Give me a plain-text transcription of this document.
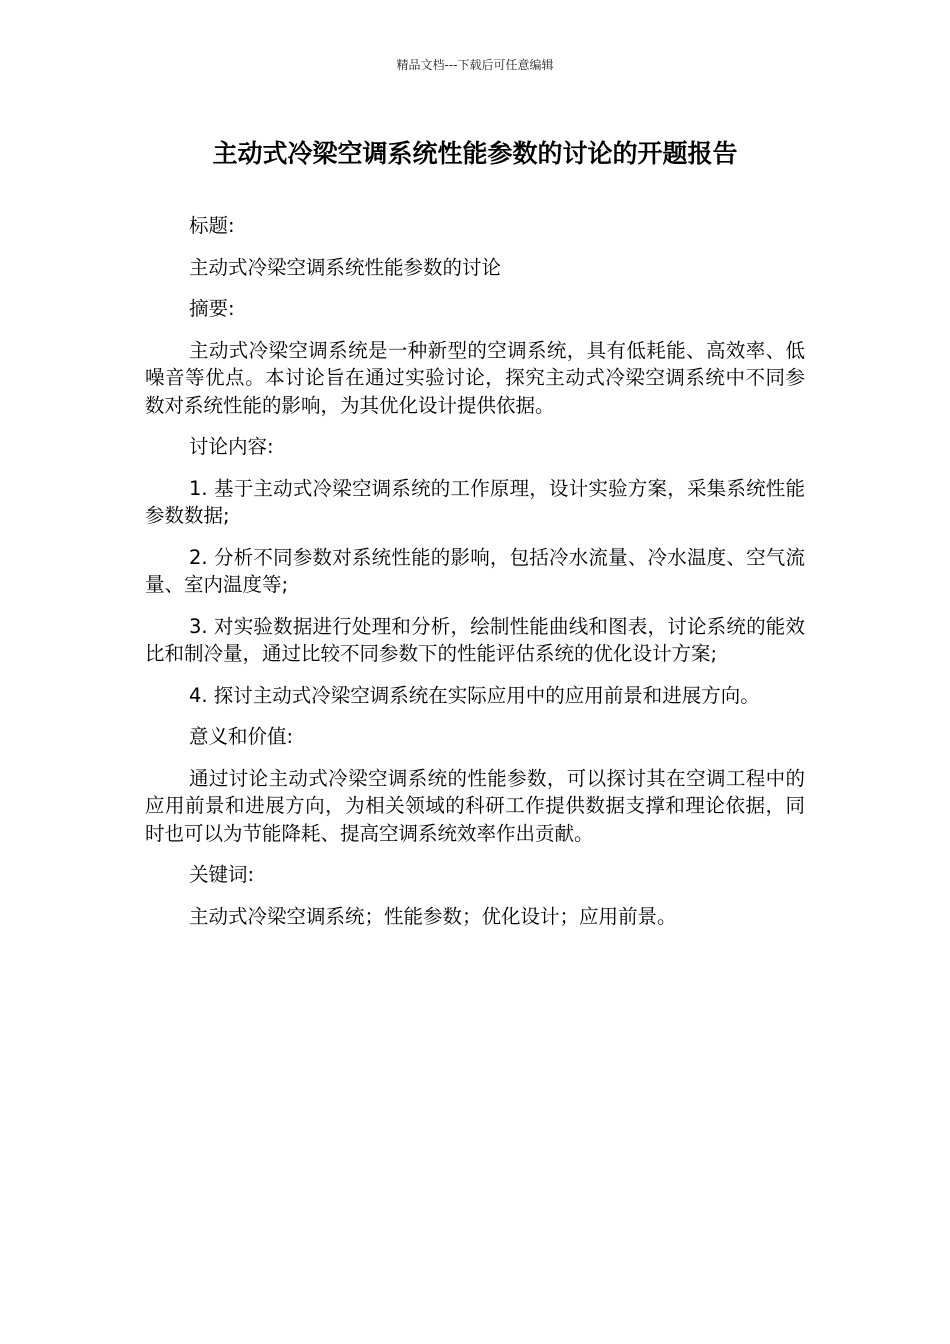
精品文档---下载后可任意编辑
主动式冷梁空调系统性能参数的讨论的开题报告

标题:

主动式冷梁空调系统性能参数的讨论

摘要:

主动式冷梁空调系统是一种新型的空调系统，具有低耗能、高效率、低噪音等优点。本讨论旨在通过实验讨论，探究主动式冷梁空调系统中不同参数对系统性能的影响，为其优化设计提供依据。

讨论内容:

1. 基于主动式冷梁空调系统的工作原理，设计实验方案，采集系统性能参数数据;

2. 分析不同参数对系统性能的影响，包括冷水流量、冷水温度、空气流量、室内温度等;

3. 对实验数据进行处理和分析，绘制性能曲线和图表，讨论系统的能效比和制冷量，通过比较不同参数下的性能评估系统的优化设计方案;

4. 探讨主动式冷梁空调系统在实际应用中的应用前景和进展方向。

意义和价值:

通过讨论主动式冷梁空调系统的性能参数，可以探讨其在空调工程中的应用前景和进展方向，为相关领域的科研工作提供数据支撑和理论依据，同时也可以为节能降耗、提高空调系统效率作出贡献。

关键词:

主动式冷梁空调系统；性能参数；优化设计；应用前景。
